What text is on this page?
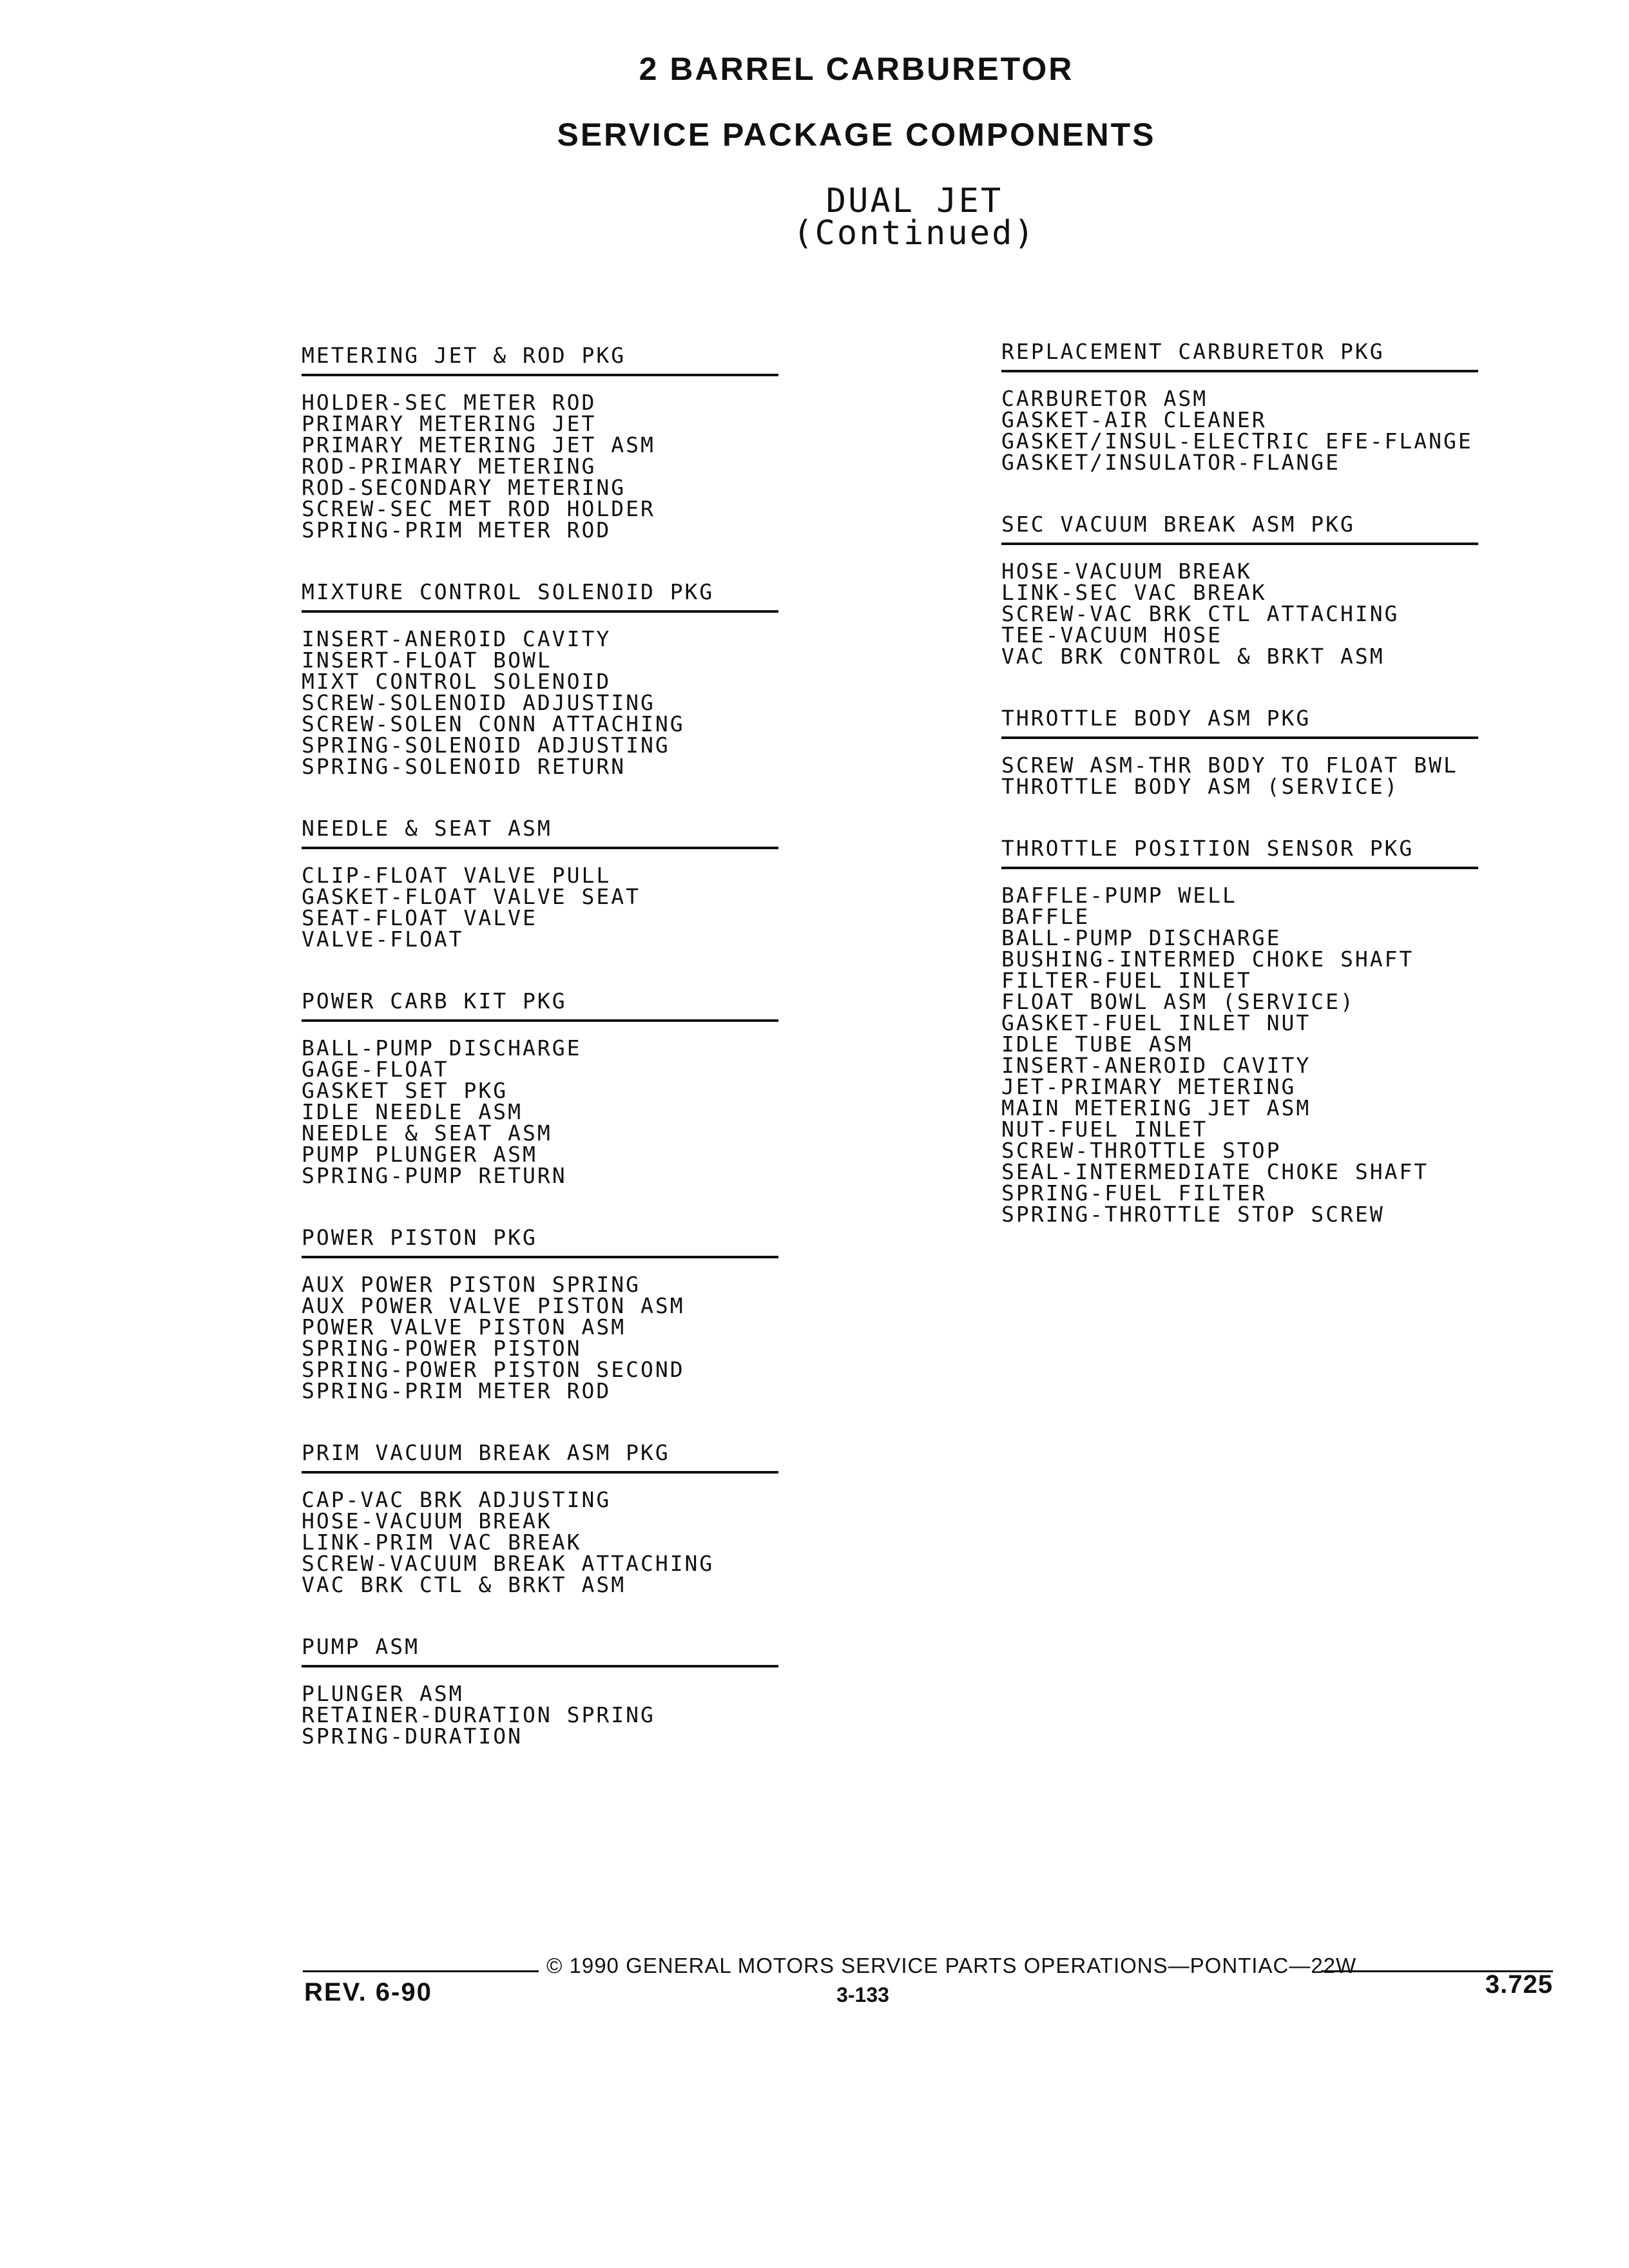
2 BARREL CARBURETOR
SERVICE PACKAGE COMPONENTS
DUAL JET
(Continued)
METERING JET & ROD PKG
HOLDER-SEC METER ROD
PRIMARY METERING JET
PRIMARY METERING JET ASM
ROD-PRIMARY METERING
ROD-SECONDARY METERING
SCREW-SEC MET ROD HOLDER
SPRING-PRIM METER ROD
MIXTURE CONTROL SOLENOID PKG
INSERT-ANEROID CAVITY
INSERT-FLOAT BOWL
MIXT CONTROL SOLENOID
SCREW-SOLENOID ADJUSTING
SCREW-SOLEN CONN ATTACHING
SPRING-SOLENOID ADJUSTING
SPRING-SOLENOID RETURN
NEEDLE & SEAT ASM
CLIP-FLOAT VALVE PULL
GASKET-FLOAT VALVE SEAT
SEAT-FLOAT VALVE
VALVE-FLOAT
POWER CARB KIT PKG
BALL-PUMP DISCHARGE
GAGE-FLOAT
GASKET SET PKG
IDLE NEEDLE ASM
NEEDLE & SEAT ASM
PUMP PLUNGER ASM
SPRING-PUMP RETURN
POWER PISTON PKG
AUX POWER PISTON SPRING
AUX POWER VALVE PISTON ASM
POWER VALVE PISTON ASM
SPRING-POWER PISTON
SPRING-POWER PISTON SECOND
SPRING-PRIM METER ROD
PRIM VACUUM BREAK ASM PKG
CAP-VAC BRK ADJUSTING
HOSE-VACUUM BREAK
LINK-PRIM VAC BREAK
SCREW-VACUUM BREAK ATTACHING
VAC BRK CTL & BRKT ASM
PUMP ASM
PLUNGER ASM
RETAINER-DURATION SPRING
SPRING-DURATION
REPLACEMENT CARBURETOR PKG
CARBURETOR ASM
GASKET-AIR CLEANER
GASKET/INSUL-ELECTRIC EFE-FLANGE
GASKET/INSULATOR-FLANGE
SEC VACUUM BREAK ASM PKG
HOSE-VACUUM BREAK
LINK-SEC VAC BREAK
SCREW-VAC BRK CTL ATTACHING
TEE-VACUUM HOSE
VAC BRK CONTROL & BRKT ASM
THROTTLE BODY ASM PKG
SCREW ASM-THR BODY TO FLOAT BWL
THROTTLE BODY ASM (SERVICE)
THROTTLE POSITION SENSOR PKG
BAFFLE-PUMP WELL
BAFFLE
BALL-PUMP DISCHARGE
BUSHING-INTERMED CHOKE SHAFT
FILTER-FUEL INLET
FLOAT BOWL ASM (SERVICE)
GASKET-FUEL INLET NUT
IDLE TUBE ASM
INSERT-ANEROID CAVITY
JET-PRIMARY METERING
MAIN METERING JET ASM
NUT-FUEL INLET
SCREW-THROTTLE STOP
SEAL-INTERMEDIATE CHOKE SHAFT
SPRING-FUEL FILTER
SPRING-THROTTLE STOP SCREW
© 1990 GENERAL MOTORS SERVICE PARTS OPERATIONS—PONTIAC—22W
REV. 6-90	3-133	3.725
